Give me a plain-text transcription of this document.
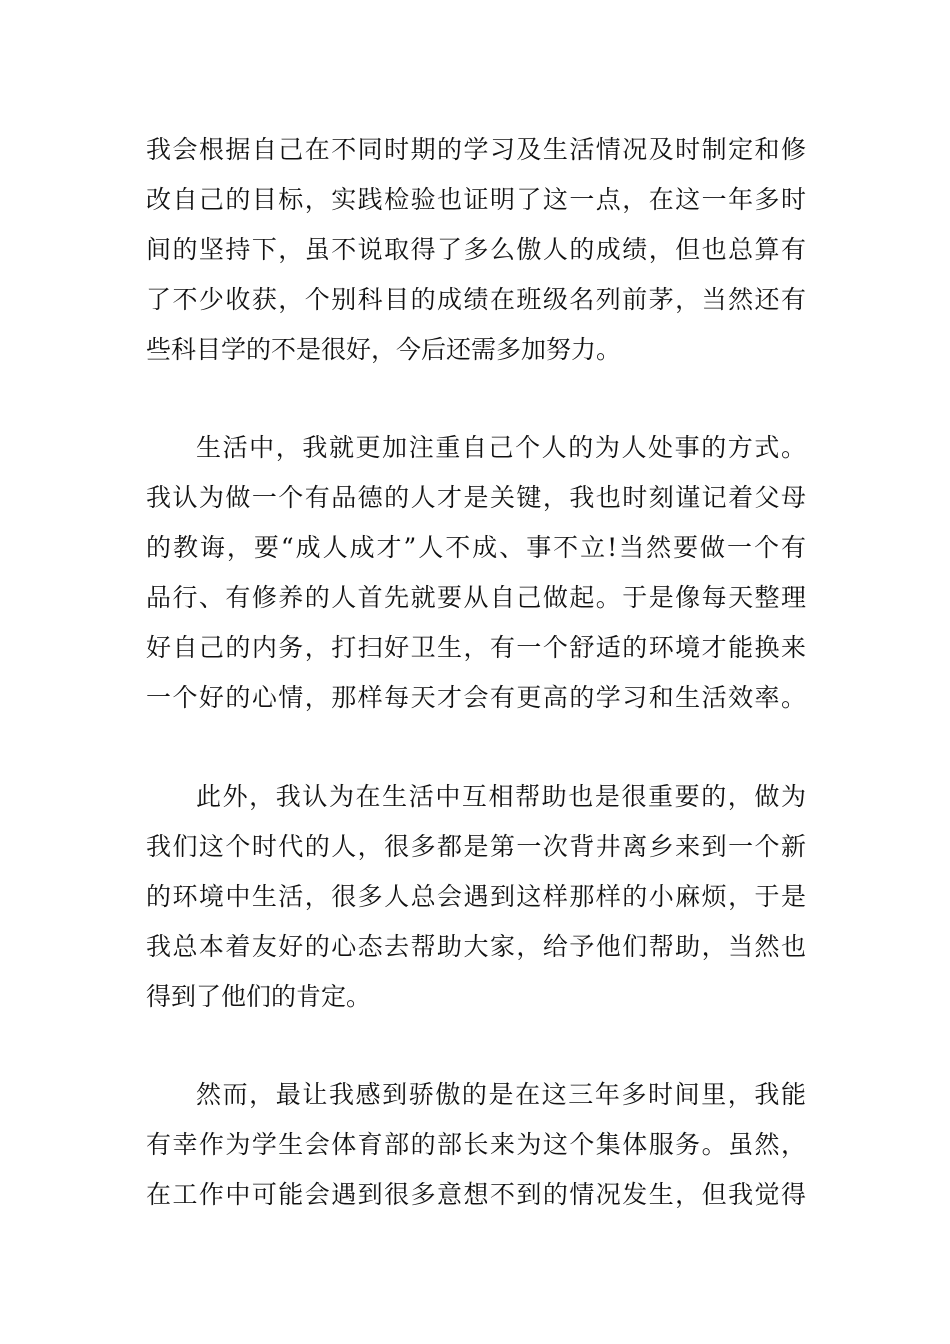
我会根据自己在不同时期的学习及生活情况及时制定和修
改自己的目标，实践检验也证明了这一点，在这一年多时
间的坚持下，虽不说取得了多么傲人的成绩，但也总算有
了不少收获，个别科目的成绩在班级名列前茅，当然还有
些科目学的不是很好，今后还需多加努力。
生活中，我就更加注重自己个人的为人处事的方式。
我认为做一个有品德的人才是关键，我也时刻谨记着父母
的教诲，要“成人成才”人不成、事不立!当然要做一个有
品行、有修养的人首先就要从自己做起。于是像每天整理
好自己的内务，打扫好卫生，有一个舒适的环境才能换来
一个好的心情，那样每天才会有更高的学习和生活效率。
此外，我认为在生活中互相帮助也是很重要的，做为
我们这个时代的人，很多都是第一次背井离乡来到一个新
的环境中生活，很多人总会遇到这样那样的小麻烦，于是
我总本着友好的心态去帮助大家，给予他们帮助，当然也
得到了他们的肯定。
然而，最让我感到骄傲的是在这三年多时间里，我能
有幸作为学生会体育部的部长来为这个集体服务。虽然，
在工作中可能会遇到很多意想不到的情况发生，但我觉得
